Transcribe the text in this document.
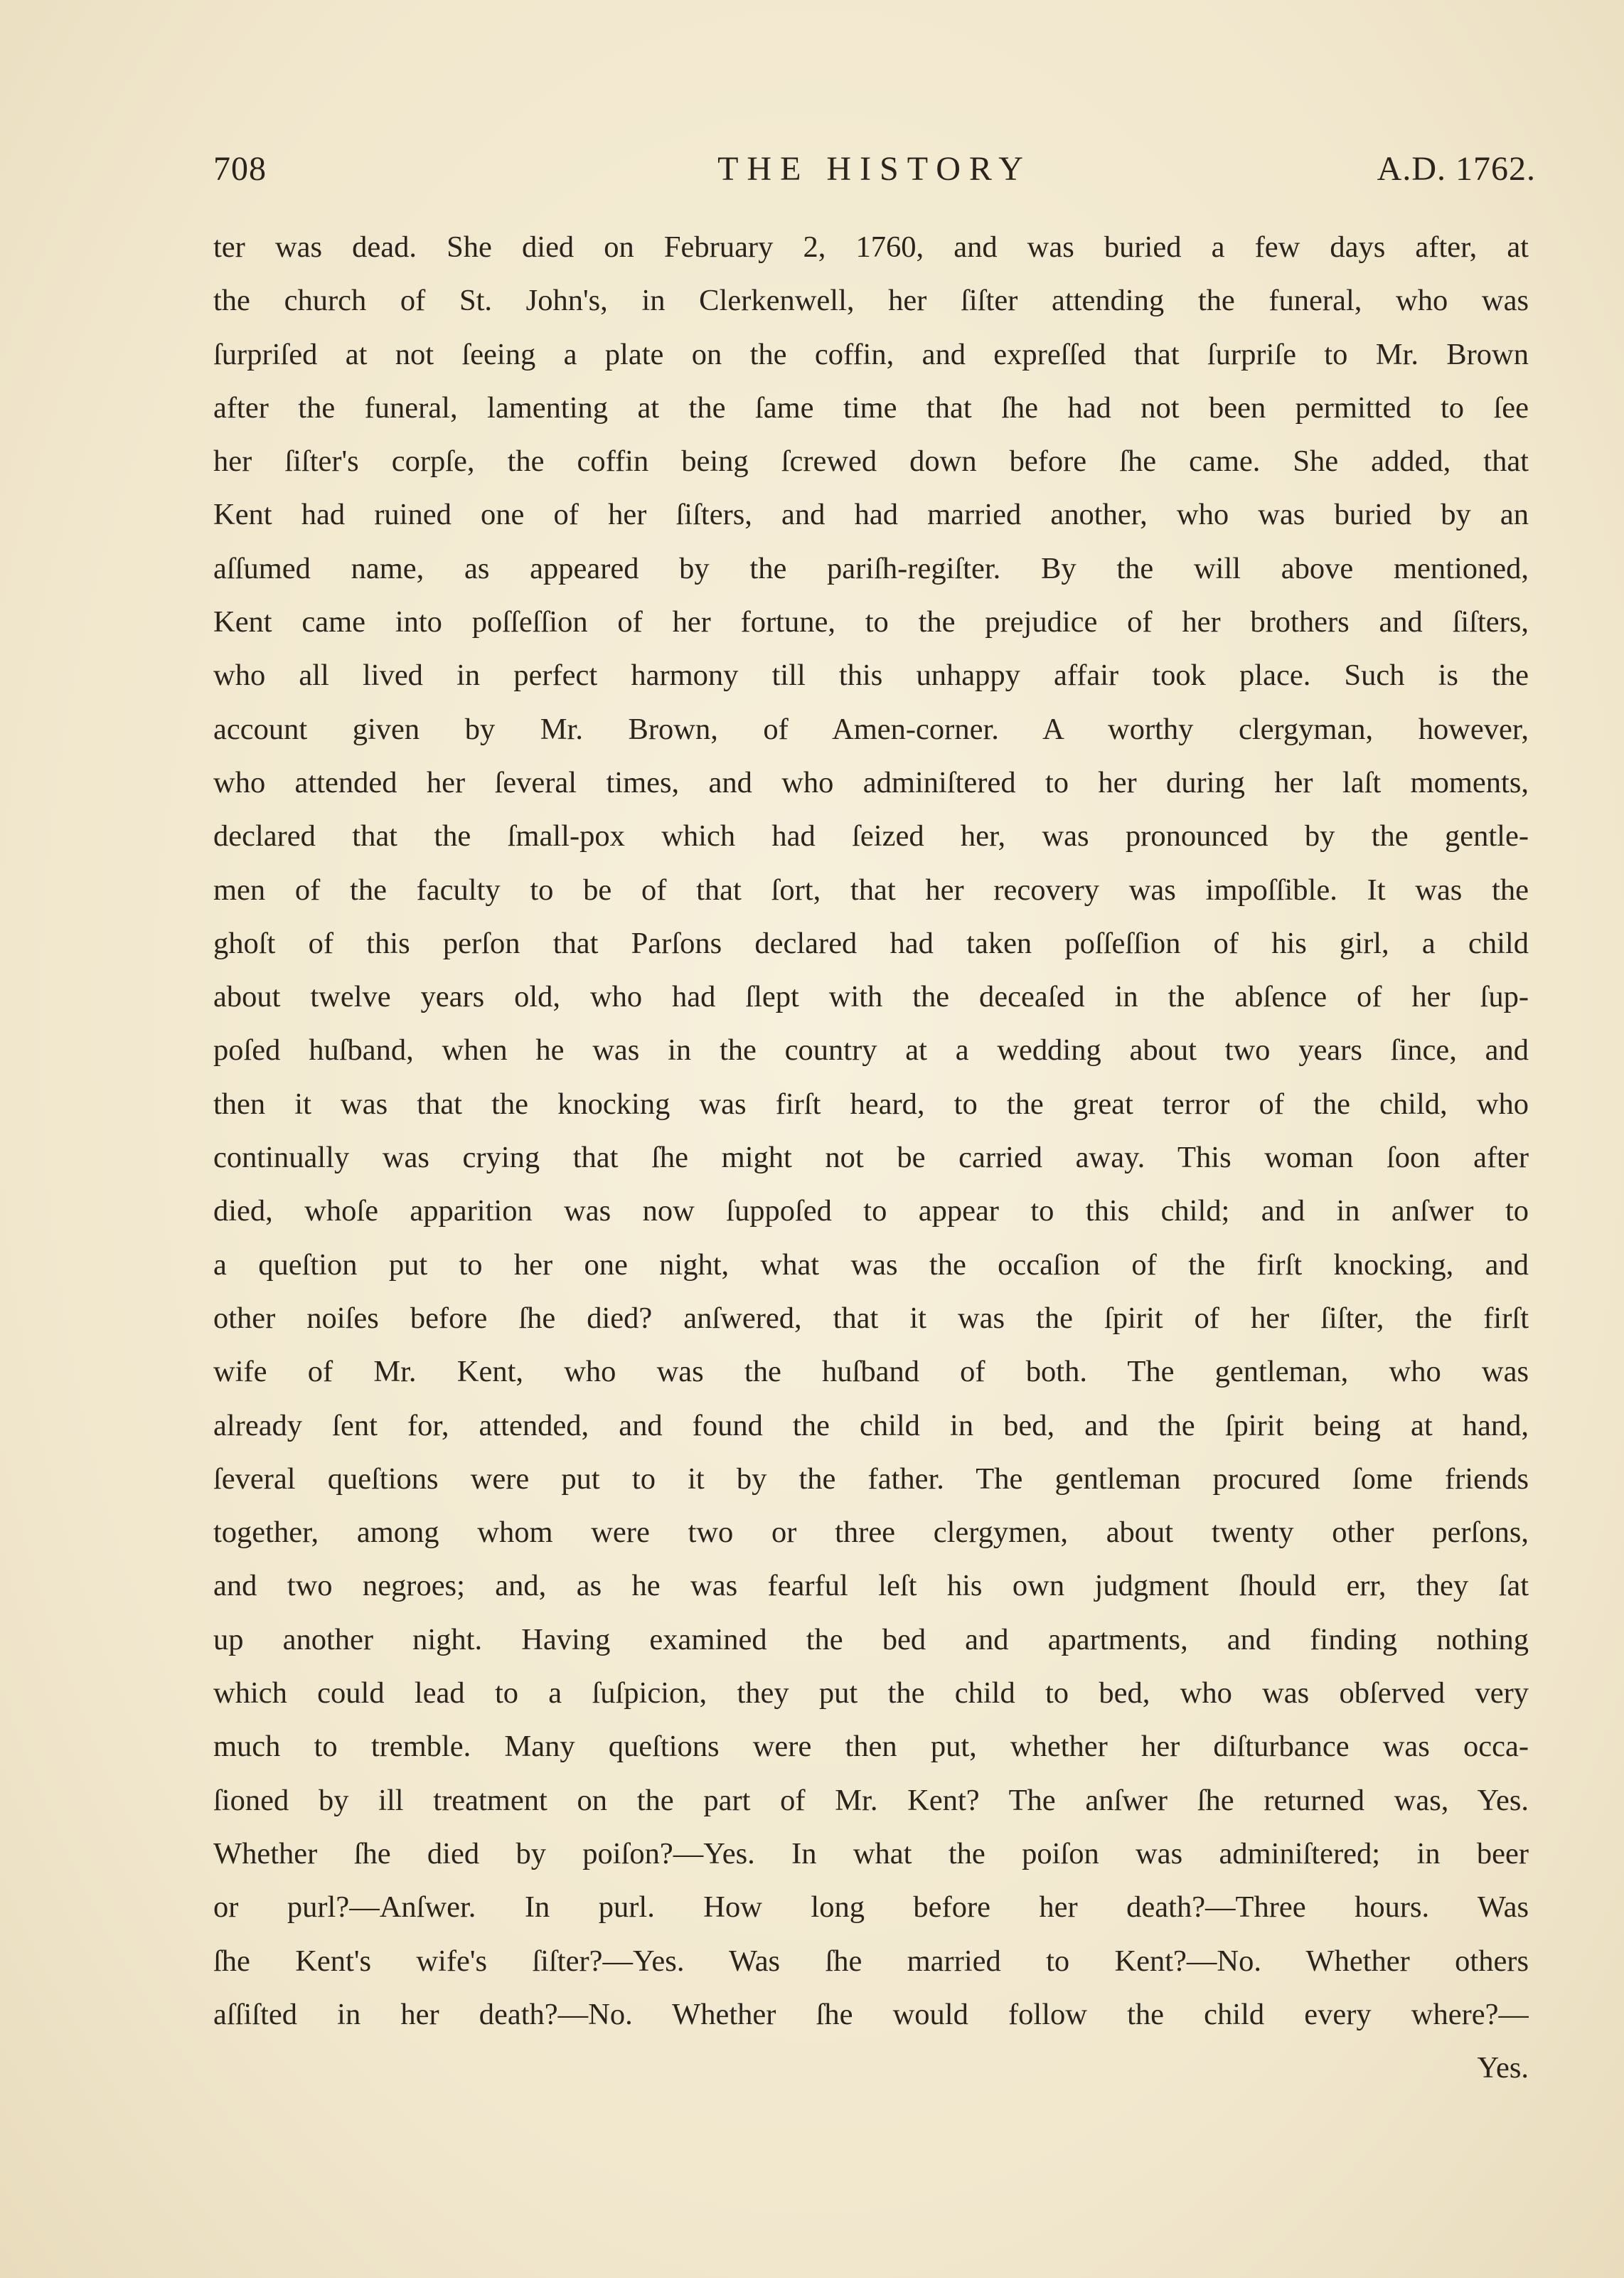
708	THE HISTORY	A.D. 1762.
ter was dead. She died on February 2, 1760, and was buried a few days after, at
the church of St. John's, in Clerkenwell, her ſiſter attending the funeral, who was
ſurpriſed at not ſeeing a plate on the coffin, and expreſſed that ſurpriſe to Mr. Brown
after the funeral, lamenting at the ſame time that ſhe had not been permitted to ſee
her ſiſter's corpſe, the coffin being ſcrewed down before ſhe came. She added, that
Kent had ruined one of her ſiſters, and had married another, who was buried by an
aſſumed name, as appeared by the pariſh-regiſter. By the will above mentioned,
Kent came into poſſeſſion of her fortune, to the prejudice of her brothers and ſiſters,
who all lived in perfect harmony till this unhappy affair took place. Such is the
account given by Mr. Brown, of Amen-corner. A worthy clergyman, however,
who attended her ſeveral times, and who adminiſtered to her during her laſt moments,
declared that the ſmall-pox which had ſeized her, was pronounced by the gentle-
men of the faculty to be of that ſort, that her recovery was impoſſible. It was the
ghoſt of this perſon that Parſons declared had taken poſſeſſion of his girl, a child
about twelve years old, who had ſlept with the deceaſed in the abſence of her ſup-
poſed huſband, when he was in the country at a wedding about two years ſince, and
then it was that the knocking was firſt heard, to the great terror of the child, who
continually was crying that ſhe might not be carried away. This woman ſoon after
died, whoſe apparition was now ſuppoſed to appear to this child; and in anſwer to
a queſtion put to her one night, what was the occaſion of the firſt knocking, and
other noiſes before ſhe died? anſwered, that it was the ſpirit of her ſiſter, the firſt
wife of Mr. Kent, who was the huſband of both. The gentleman, who was
already ſent for, attended, and found the child in bed, and the ſpirit being at hand,
ſeveral queſtions were put to it by the father. The gentleman procured ſome friends
together, among whom were two or three clergymen, about twenty other perſons,
and two negroes; and, as he was fearful leſt his own judgment ſhould err, they ſat
up another night. Having examined the bed and apartments, and finding nothing
which could lead to a ſuſpicion, they put the child to bed, who was obſerved very
much to tremble. Many queſtions were then put, whether her diſturbance was occa-
ſioned by ill treatment on the part of Mr. Kent? The anſwer ſhe returned was, Yes.
Whether ſhe died by poiſon?—Yes. In what the poiſon was adminiſtered; in beer
or purl?—Anſwer. In purl. How long before her death?—Three hours. Was
ſhe Kent's wife's ſiſter?—Yes. Was ſhe married to Kent?—No. Whether others
aſſiſted in her death?—No. Whether ſhe would follow the child every where?—
Yes.
